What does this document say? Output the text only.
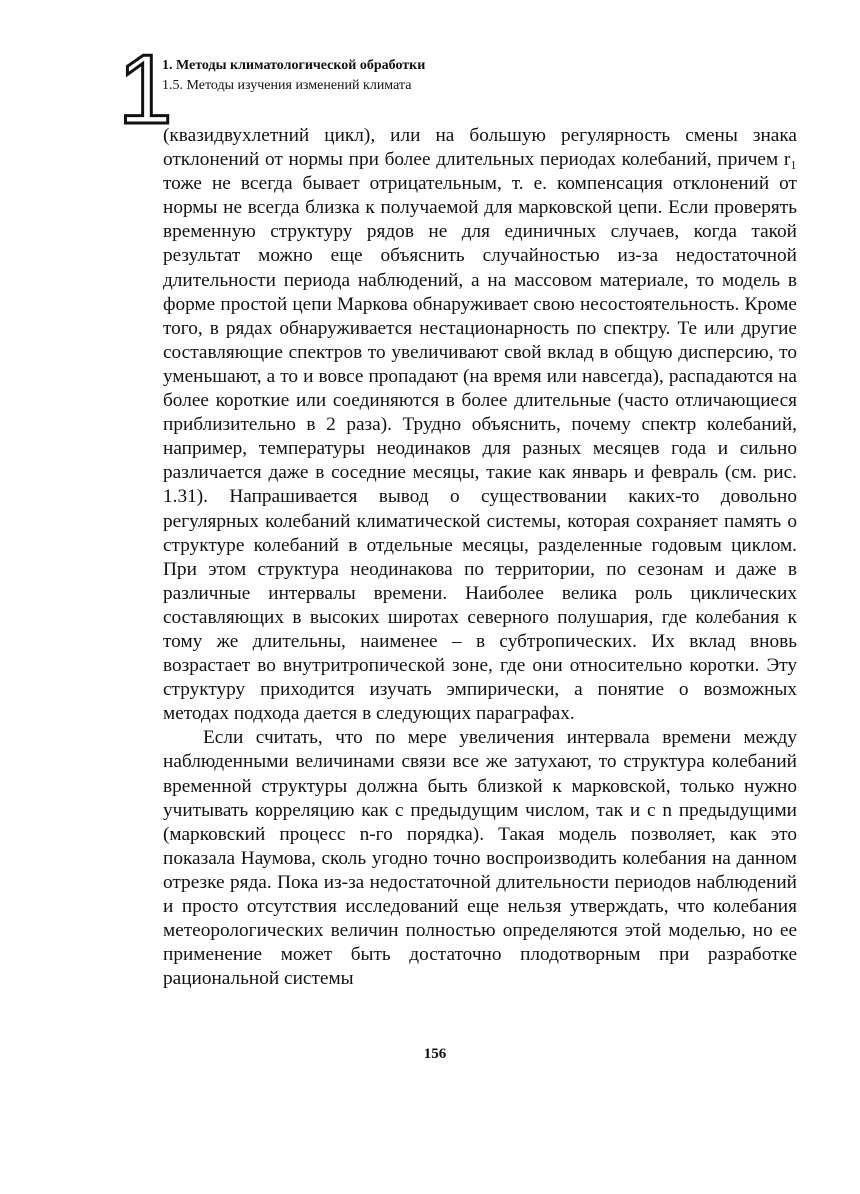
1
1. Методы климатологической обработки
1.5. Методы изучения изменений климата

(квазидвухлетний цикл), или на большую регулярность смены знака отклонений от нормы при более длительных периодах колебаний, причем r₁ тоже не всегда бывает отрицательным, т. е. компенсация отклонений от нормы не всегда близка к получаемой для марковской цепи. Если проверять временную структуру рядов не для единичных случаев, когда такой результат можно еще объяснить случайностью из-за недостаточной длительности периода наблюдений, а на массовом материале, то модель в форме простой цепи Маркова обнаруживает свою несостоятельность. Кроме того, в рядах обнаруживается нестационарность по спектру. Те или другие составляющие спектров то увеличивают свой вклад в общую дисперсию, то уменьшают, а то и вовсе пропадают (на время или навсегда), распадаются на более короткие или соединяются в более длительные (часто отличающиеся приблизительно в 2 раза). Трудно объяснить, почему спектр колебаний, например, температуры неодинаков для разных месяцев года и сильно различается даже в соседние месяцы, такие как январь и февраль (см. рис. 1.31). Напрашивается вывод о существовании каких-то довольно регулярных колебаний климатической системы, которая сохраняет память о структуре колебаний в отдельные месяцы, разделенные годовым циклом. При этом структура неодинакова по территории, по сезонам и даже в различные интервалы времени. Наиболее велика роль циклических составляющих в высоких широтах северного полушария, где колебания к тому же длительны, наименее – в субтропических. Их вклад вновь возрастает во внутритропической зоне, где они относительно коротки. Эту структуру приходится изучать эмпирически, а понятие о возможных методах подхода дается в следующих параграфах.

Если считать, что по мере увеличения интервала времени между наблюденными величинами связи все же затухают, то структура колебаний временной структуры должна быть близкой к марковской, только нужно учитывать корреляцию как с предыдущим числом, так и с n предыдущими (марковский процесс n-го порядка). Такая модель позволяет, как это показала Наумова, сколь угодно точно воспроизводить колебания на данном отрезке ряда. Пока из-за недостаточной длительности периодов наблюдений и просто отсутствия исследований еще нельзя утверждать, что колебания метеорологических величин полностью определяются этой моделью, но ее применение может быть достаточно плодотворным при разработке рациональной системы

156
